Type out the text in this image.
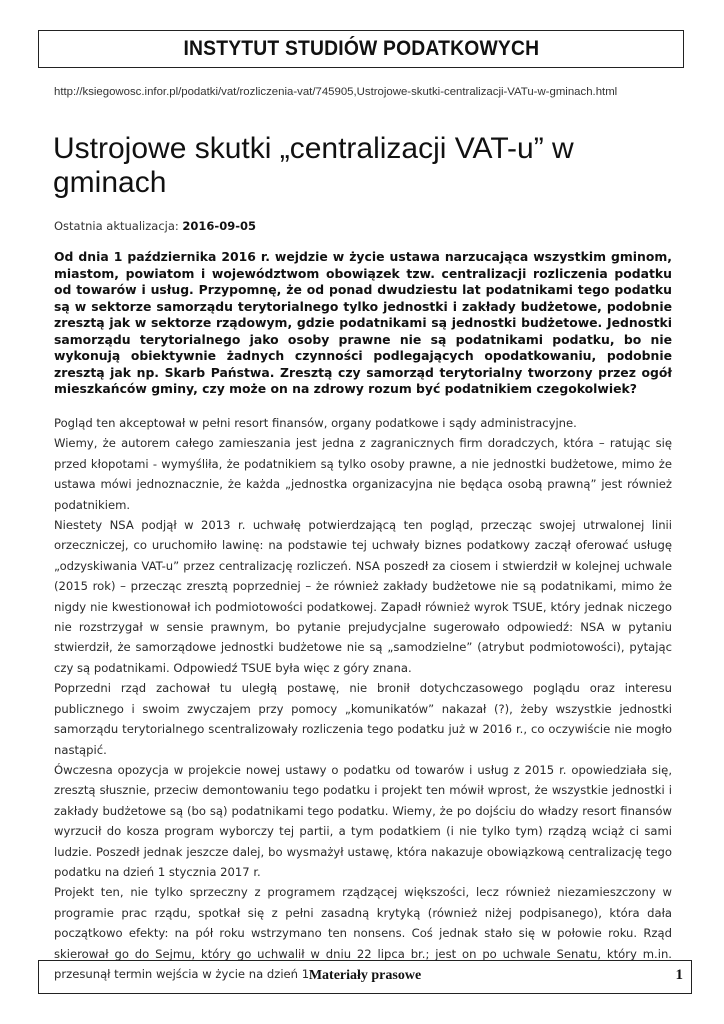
INSTYTUT STUDIÓW PODATKOWYCH
http://ksiegowosc.infor.pl/podatki/vat/rozliczenia-vat/745905,Ustrojowe-skutki-centralizacji-VATu-w-gminach.html
Ustrojowe skutki „centralizacji VAT-u” w gminach
Ostatnia aktualizacja: 2016-09-05

Od dnia 1 października 2016 r. wejdzie w życie ustawa narzucająca wszystkim gminom, miastom, powiatom i województwom obowiązek tzw. centralizacji rozliczenia podatku od towarów i usług. Przypomnę, że od ponad dwudziestu lat podatnikami tego podatku są w sektorze samorządu terytorialnego tylko jednostki i zakłady budżetowe, podobnie zresztą jak w sektorze rządowym, gdzie podatnikami są jednostki budżetowe. Jednostki samorządu terytorialnego jako osoby prawne nie są podatnikami podatku, bo nie wykonują obiektywnie żadnych czynności podlegających opodatkowaniu, podobnie zresztą jak np. Skarb Państwa. Zresztą czy samorząd terytorialny tworzony przez ogół mieszkańców gminy, czy może on na zdrowy rozum być podatnikiem czegokolwiek?

Pogląd ten akceptował w pełni resort finansów, organy podatkowe i sądy administracyjne.

Wiemy, że autorem całego zamieszania jest jedna z zagranicznych firm doradczych, która – ratując się przed kłopotami - wymyśliła, że podatnikiem są tylko osoby prawne, a nie jednostki budżetowe, mimo że ustawa mówi jednoznacznie, że każda „jednostka organizacyjna nie będąca osobą prawną” jest również podatnikiem.

Niestety NSA podjął w 2013 r. uchwałę potwierdzającą ten pogląd, przecząc swojej utrwalonej linii orzeczniczej, co uruchomiło lawinę: na podstawie tej uchwały biznes podatkowy zaczął oferować usługę „odzyskiwania VAT-u” przez centralizację rozliczeń. NSA poszedł za ciosem i stwierdził w kolejnej uchwale (2015 rok) – przecząc zresztą poprzedniej – że również zakłady budżetowe nie są podatnikami, mimo że nigdy nie kwestionował ich podmiotowości podatkowej. Zapadł również wyrok TSUE, który jednak niczego nie rozstrzygał w sensie prawnym, bo pytanie prejudycjalne sugerowało odpowiedź: NSA w pytaniu stwierdził, że samorządowe jednostki budżetowe nie są „samodzielne” (atrybut podmiotowości), pytając czy są podatnikami. Odpowiedź TSUE była więc z góry znana.

Poprzedni rząd zachował tu uległą postawę, nie bronił dotychczasowego poglądu oraz interesu publicznego i swoim zwyczajem przy pomocy „komunikatów” nakazał (?), żeby wszystkie jednostki samorządu terytorialnego scentralizowały rozliczenia tego podatku już w 2016 r., co oczywiście nie mogło nastąpić.

Ówczesna opozycja w projekcie nowej ustawy o podatku od towarów i usług z 2015 r. opowiedziała się, zresztą słusznie, przeciw demontowaniu tego podatku i projekt ten mówił wprost, że wszystkie jednostki i zakłady budżetowe są (bo są) podatnikami tego podatku. Wiemy, że po dojściu do władzy resort finansów wyrzucił do kosza program wyborczy tej partii, a tym podatkiem (i nie tylko tym) rządzą wciąż ci sami ludzie. Poszedł jednak jeszcze dalej, bo wysmażył ustawę, która nakazuje obowiązkową centralizację tego podatku na dzień 1 stycznia 2017 r.

Projekt ten, nie tylko sprzeczny z programem rządzącej większości, lecz również niezamieszczony w programie prac rządu, spotkał się z pełni zasadną krytyką (również niżej podpisanego), która dała początkowo efekty: na pół roku wstrzymano ten nonsens. Coś jednak stało się w połowie roku. Rząd skierował go do Sejmu, który go uchwalił w dniu 22 lipca br.; jest on po uchwale Senatu, który m.in. przesunął termin wejścia w życie na dzień 1 Materiały prasowe	1
